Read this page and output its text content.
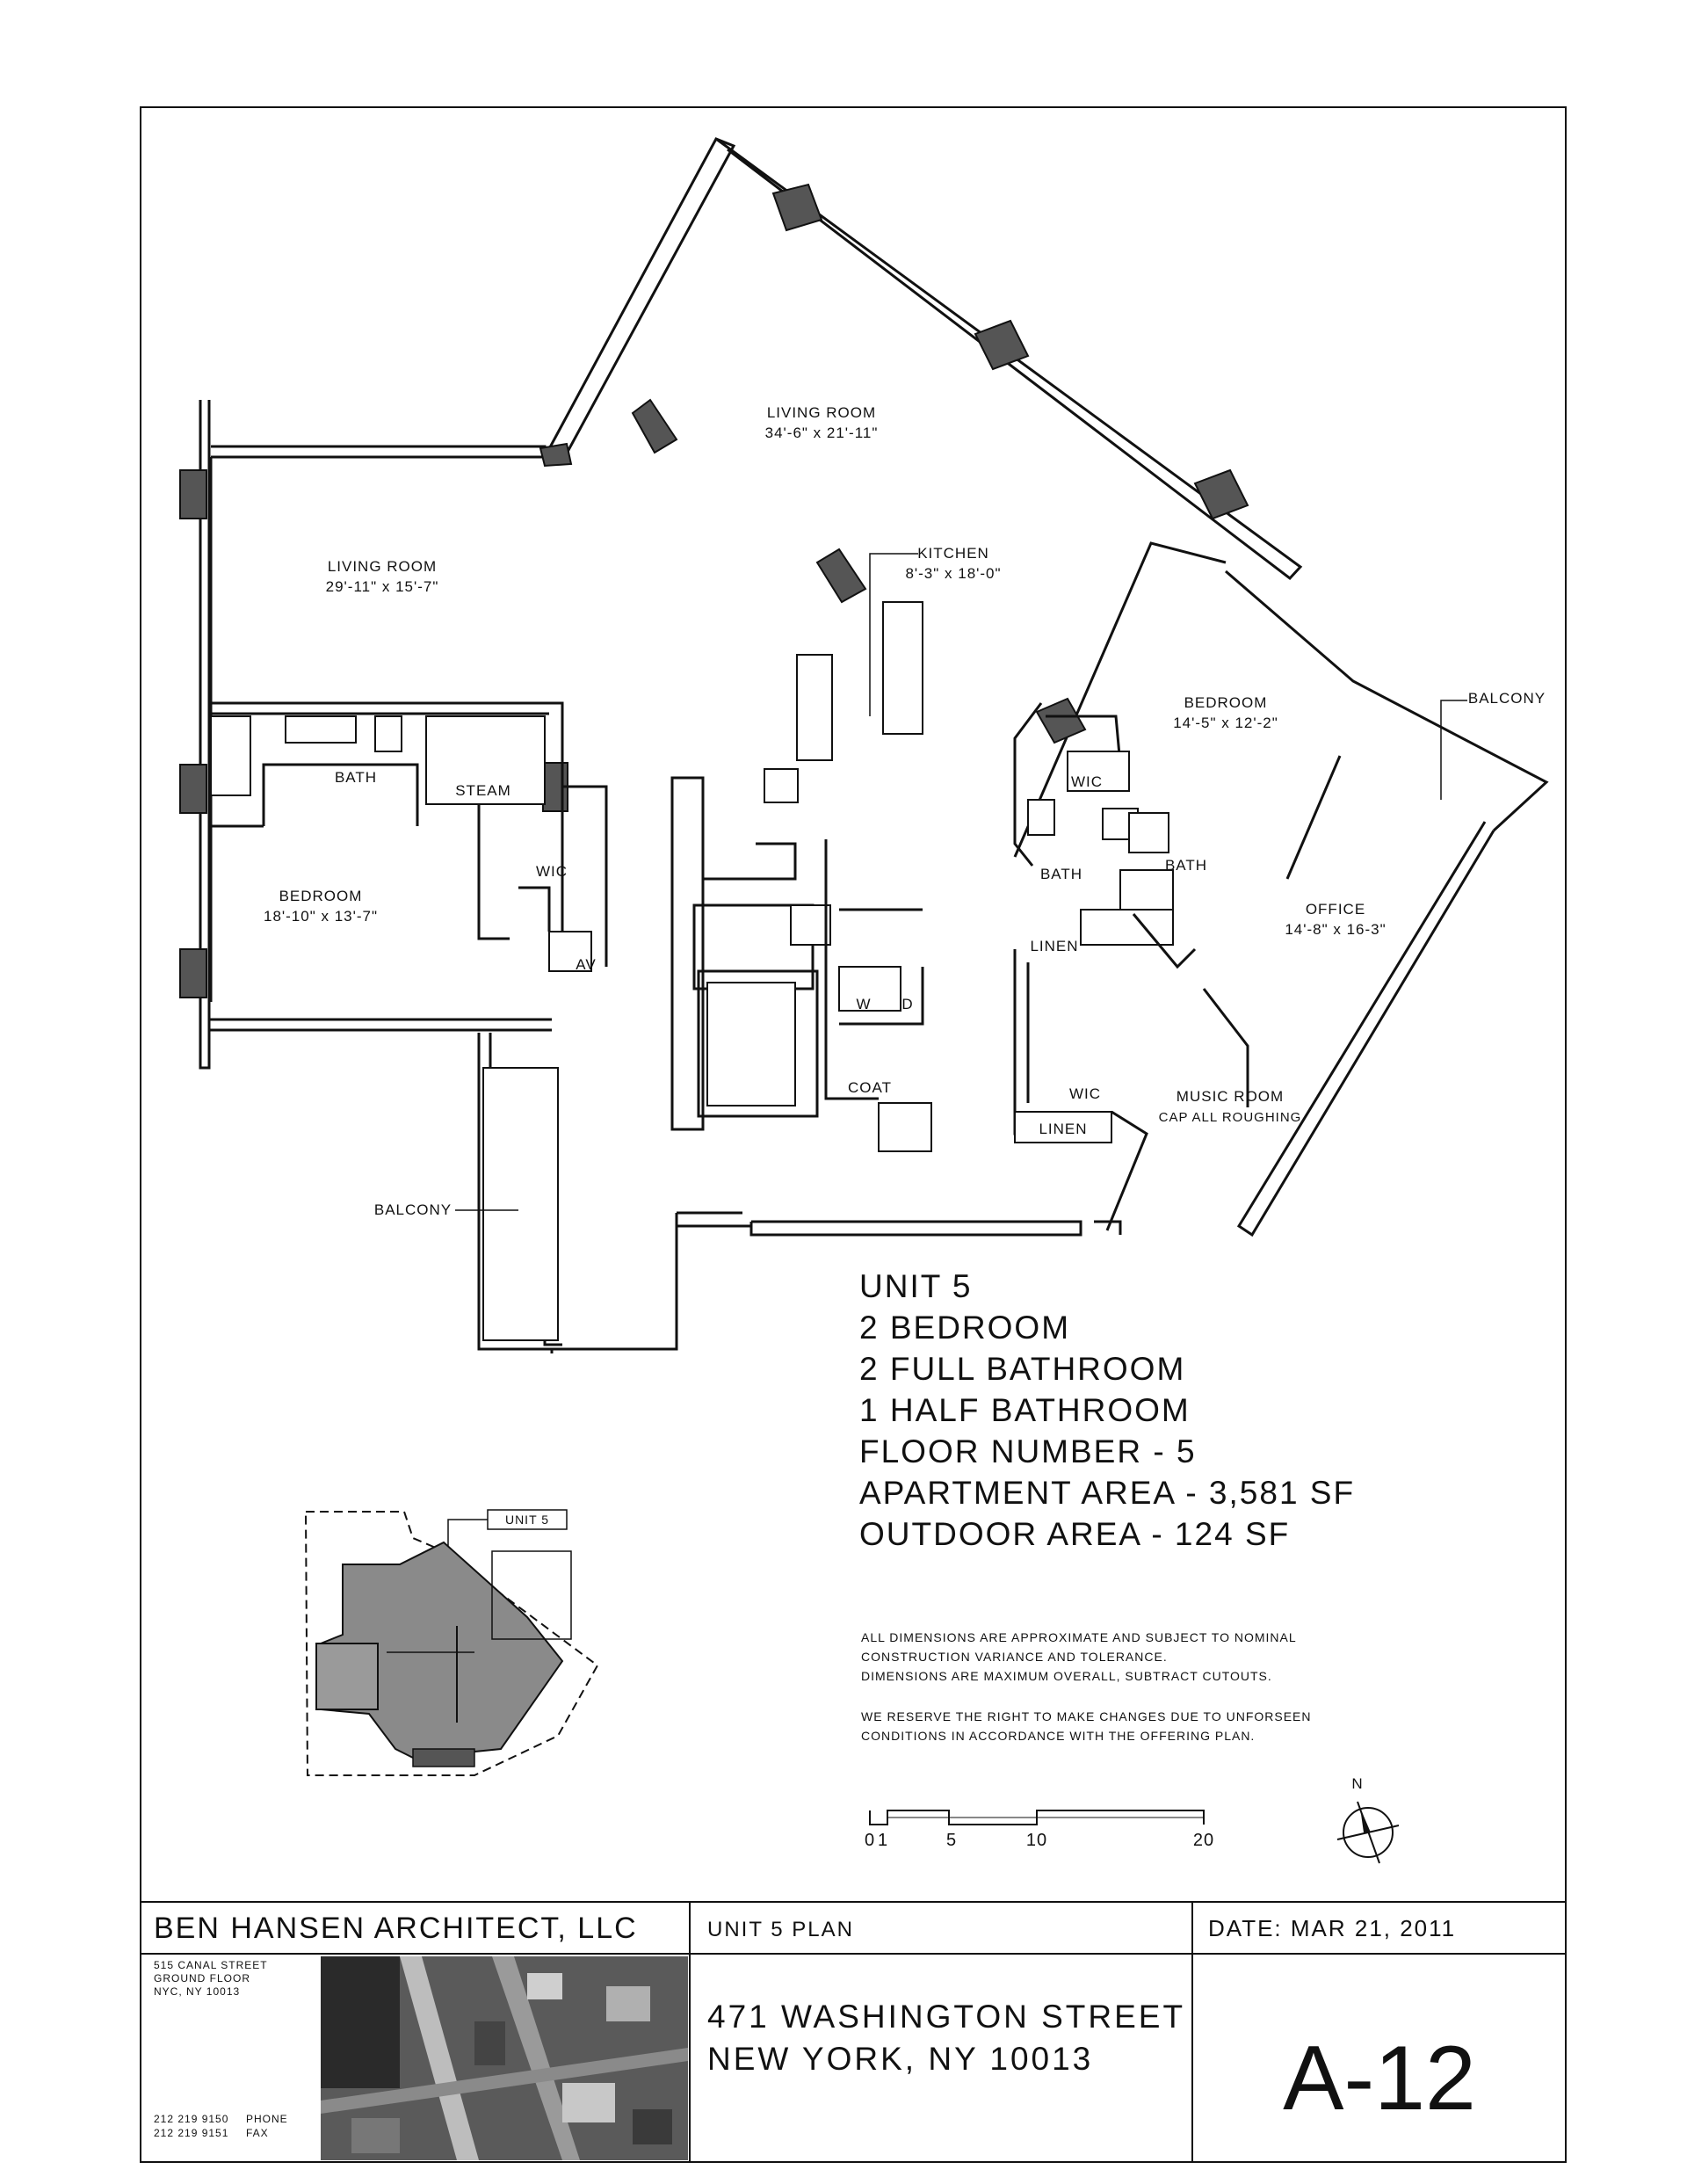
LIVING ROOM
34'-6" x 21'-11"
LIVING ROOM
29'-11" x 15'-7"
KITCHEN
8'-3" x 18'-0"
BEDROOM
14'-5" x 12'-2"
BALCONY
BATH
STEAM
BEDROOM
18'-10" x 13'-7"
WIC
AV
WIC
BATH
BATH
OFFICE
14'-8" x 16-3"
LINEN
W D
WIC	MUSIC ROOM
CAP ALL ROUGHING
COAT
LINEN
BALCONY
UNIT 5
2 BEDROOM
2 FULL BATHROOM
1 HALF BATHROOM
FLOOR NUMBER - 5
APARTMENT AREA - 3,581 SF
OUTDOOR AREA - 124 SF
ALL DIMENSIONS ARE APPROXIMATE AND SUBJECT TO NOMINAL
CONSTRUCTION VARIANCE AND TOLERANCE.
DIMENSIONS ARE MAXIMUM OVERALL, SUBTRACT CUTOUTS.
WE RESERVE THE RIGHT TO MAKE CHANGES DUE TO UNFORSEEN
CONDITIONS IN ACCORDANCE WITH THE OFFERING PLAN.
UNIT 5
0 1	5	10	20
N
BEN HANSEN ARCHITECT, LLC
515 CANAL STREET
GROUND FLOOR
NYC, NY 10013
212 219 9150 PHONE
212 219 9151 FAX
UNIT 5 PLAN	DATE: MAR 21, 2011
471 WASHINGTON STREET
NEW YORK, NY 10013 A-12
